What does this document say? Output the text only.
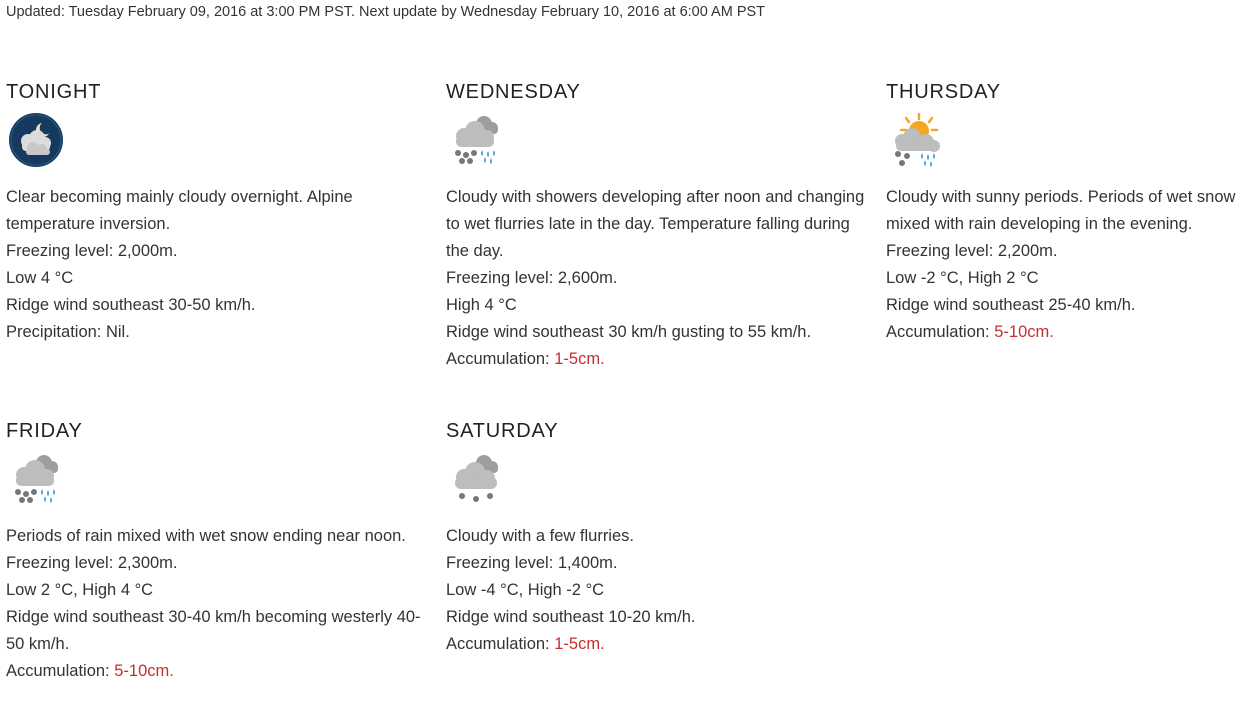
Updated: Tuesday February 09, 2016 at 3:00 PM PST. Next update by Wednesday February 10, 2016 at 6:00 AM PST
TONIGHT
Clear becoming mainly cloudy overnight. Alpine temperature inversion.
Freezing level: 2,000m.
Low 4 °C
Ridge wind southeast 30-50 km/h.
Precipitation: Nil.
WEDNESDAY
Cloudy with showers developing after noon and changing to wet flurries late in the day. Temperature falling during the day.
Freezing level: 2,600m.
High 4 °C
Ridge wind southeast 30 km/h gusting to 55 km/h.
Accumulation: 1-5cm.
THURSDAY
Cloudy with sunny periods. Periods of wet snow mixed with rain developing in the evening.
Freezing level: 2,200m.
Low -2 °C, High 2 °C
Ridge wind southeast 25-40 km/h.
Accumulation: 5-10cm.
FRIDAY
Periods of rain mixed with wet snow ending near noon.
Freezing level: 2,300m.
Low 2 °C, High 4 °C
Ridge wind southeast 30-40 km/h becoming westerly 40-50 km/h.
Accumulation: 5-10cm.
SATURDAY
Cloudy with a few flurries.
Freezing level: 1,400m.
Low -4 °C, High -2 °C
Ridge wind southeast 10-20 km/h.
Accumulation: 1-5cm.
